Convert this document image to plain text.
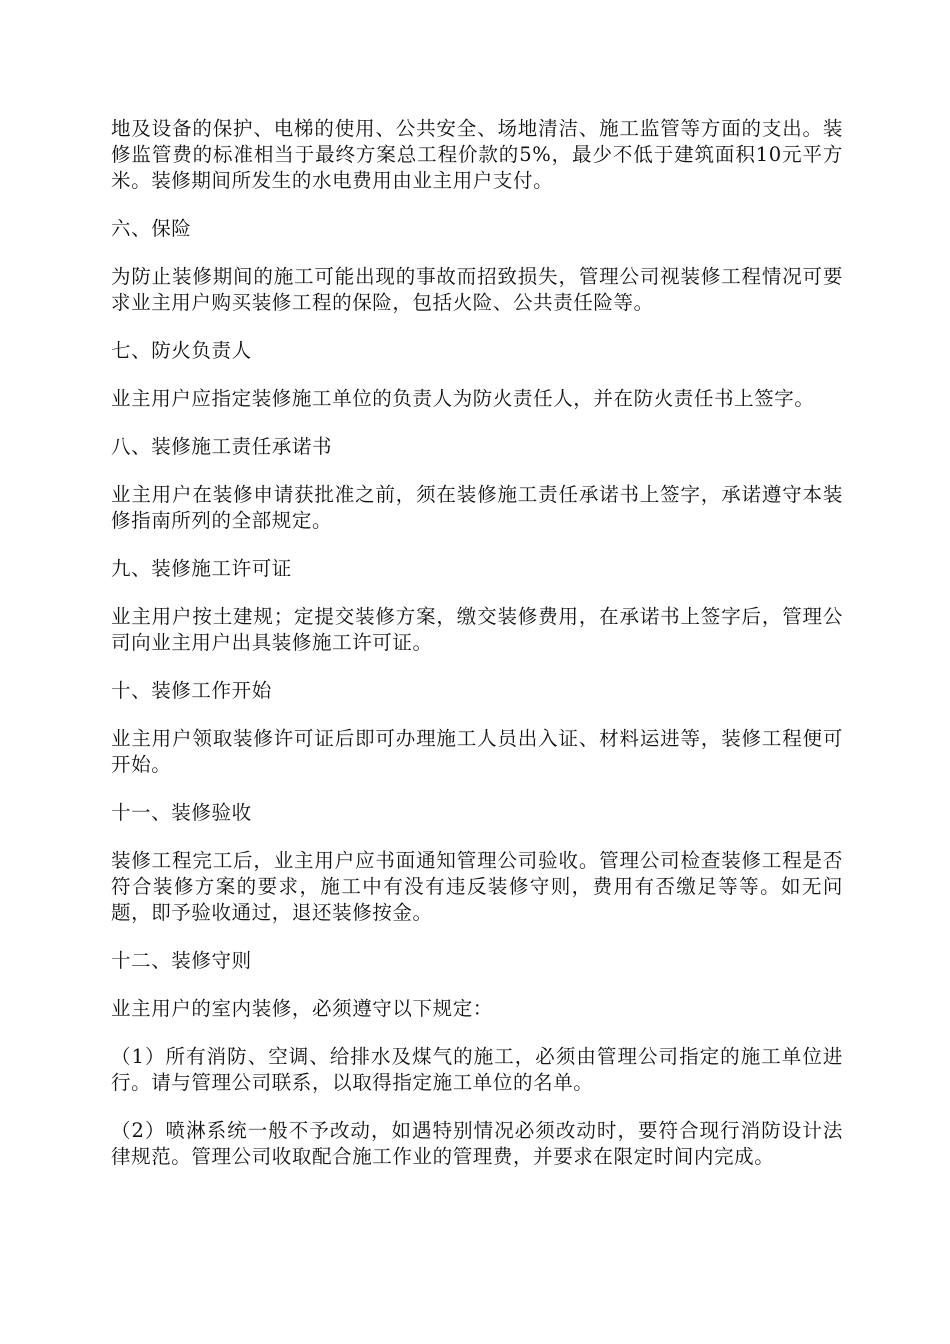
地及设备的保护、电梯的使用、公共安全、场地清洁、施工监管等方面的支出。装修监管费的标准相当于最终方案总工程价款的5%，最少不低于建筑面积10元平方米。装修期间所发生的水电费用由业主用户支付。

六、保险

为防止装修期间的施工可能出现的事故而招致损失，管理公司视装修工程情况可要求业主用户购买装修工程的保险，包括火险、公共责任险等。

七、防火负责人

业主用户应指定装修施工单位的负责人为防火责任人，并在防火责任书上签字。

八、装修施工责任承诺书

业主用户在装修申请获批准之前，须在装修施工责任承诺书上签字，承诺遵守本装修指南所列的全部规定。

九、装修施工许可证

业主用户按土建规；定提交装修方案，缴交装修费用，在承诺书上签字后，管理公司向业主用户出具装修施工许可证。

十、装修工作开始

业主用户领取装修许可证后即可办理施工人员出入证、材料运进等，装修工程便可开始。

十一、装修验收

装修工程完工后，业主用户应书面通知管理公司验收。管理公司检查装修工程是否符合装修方案的要求，施工中有没有违反装修守则，费用有否缴足等等。如无问题，即予验收通过，退还装修按金。

十二、装修守则

业主用户的室内装修，必须遵守以下规定：

（1）所有消防、空调、给排水及煤气的施工，必须由管理公司指定的施工单位进行。请与管理公司联系，以取得指定施工单位的名单。

（2）喷淋系统一般不予改动，如遇特别情况必须改动时，要符合现行消防设计法律规范。管理公司收取配合施工作业的管理费，并要求在限定时间内完成。
